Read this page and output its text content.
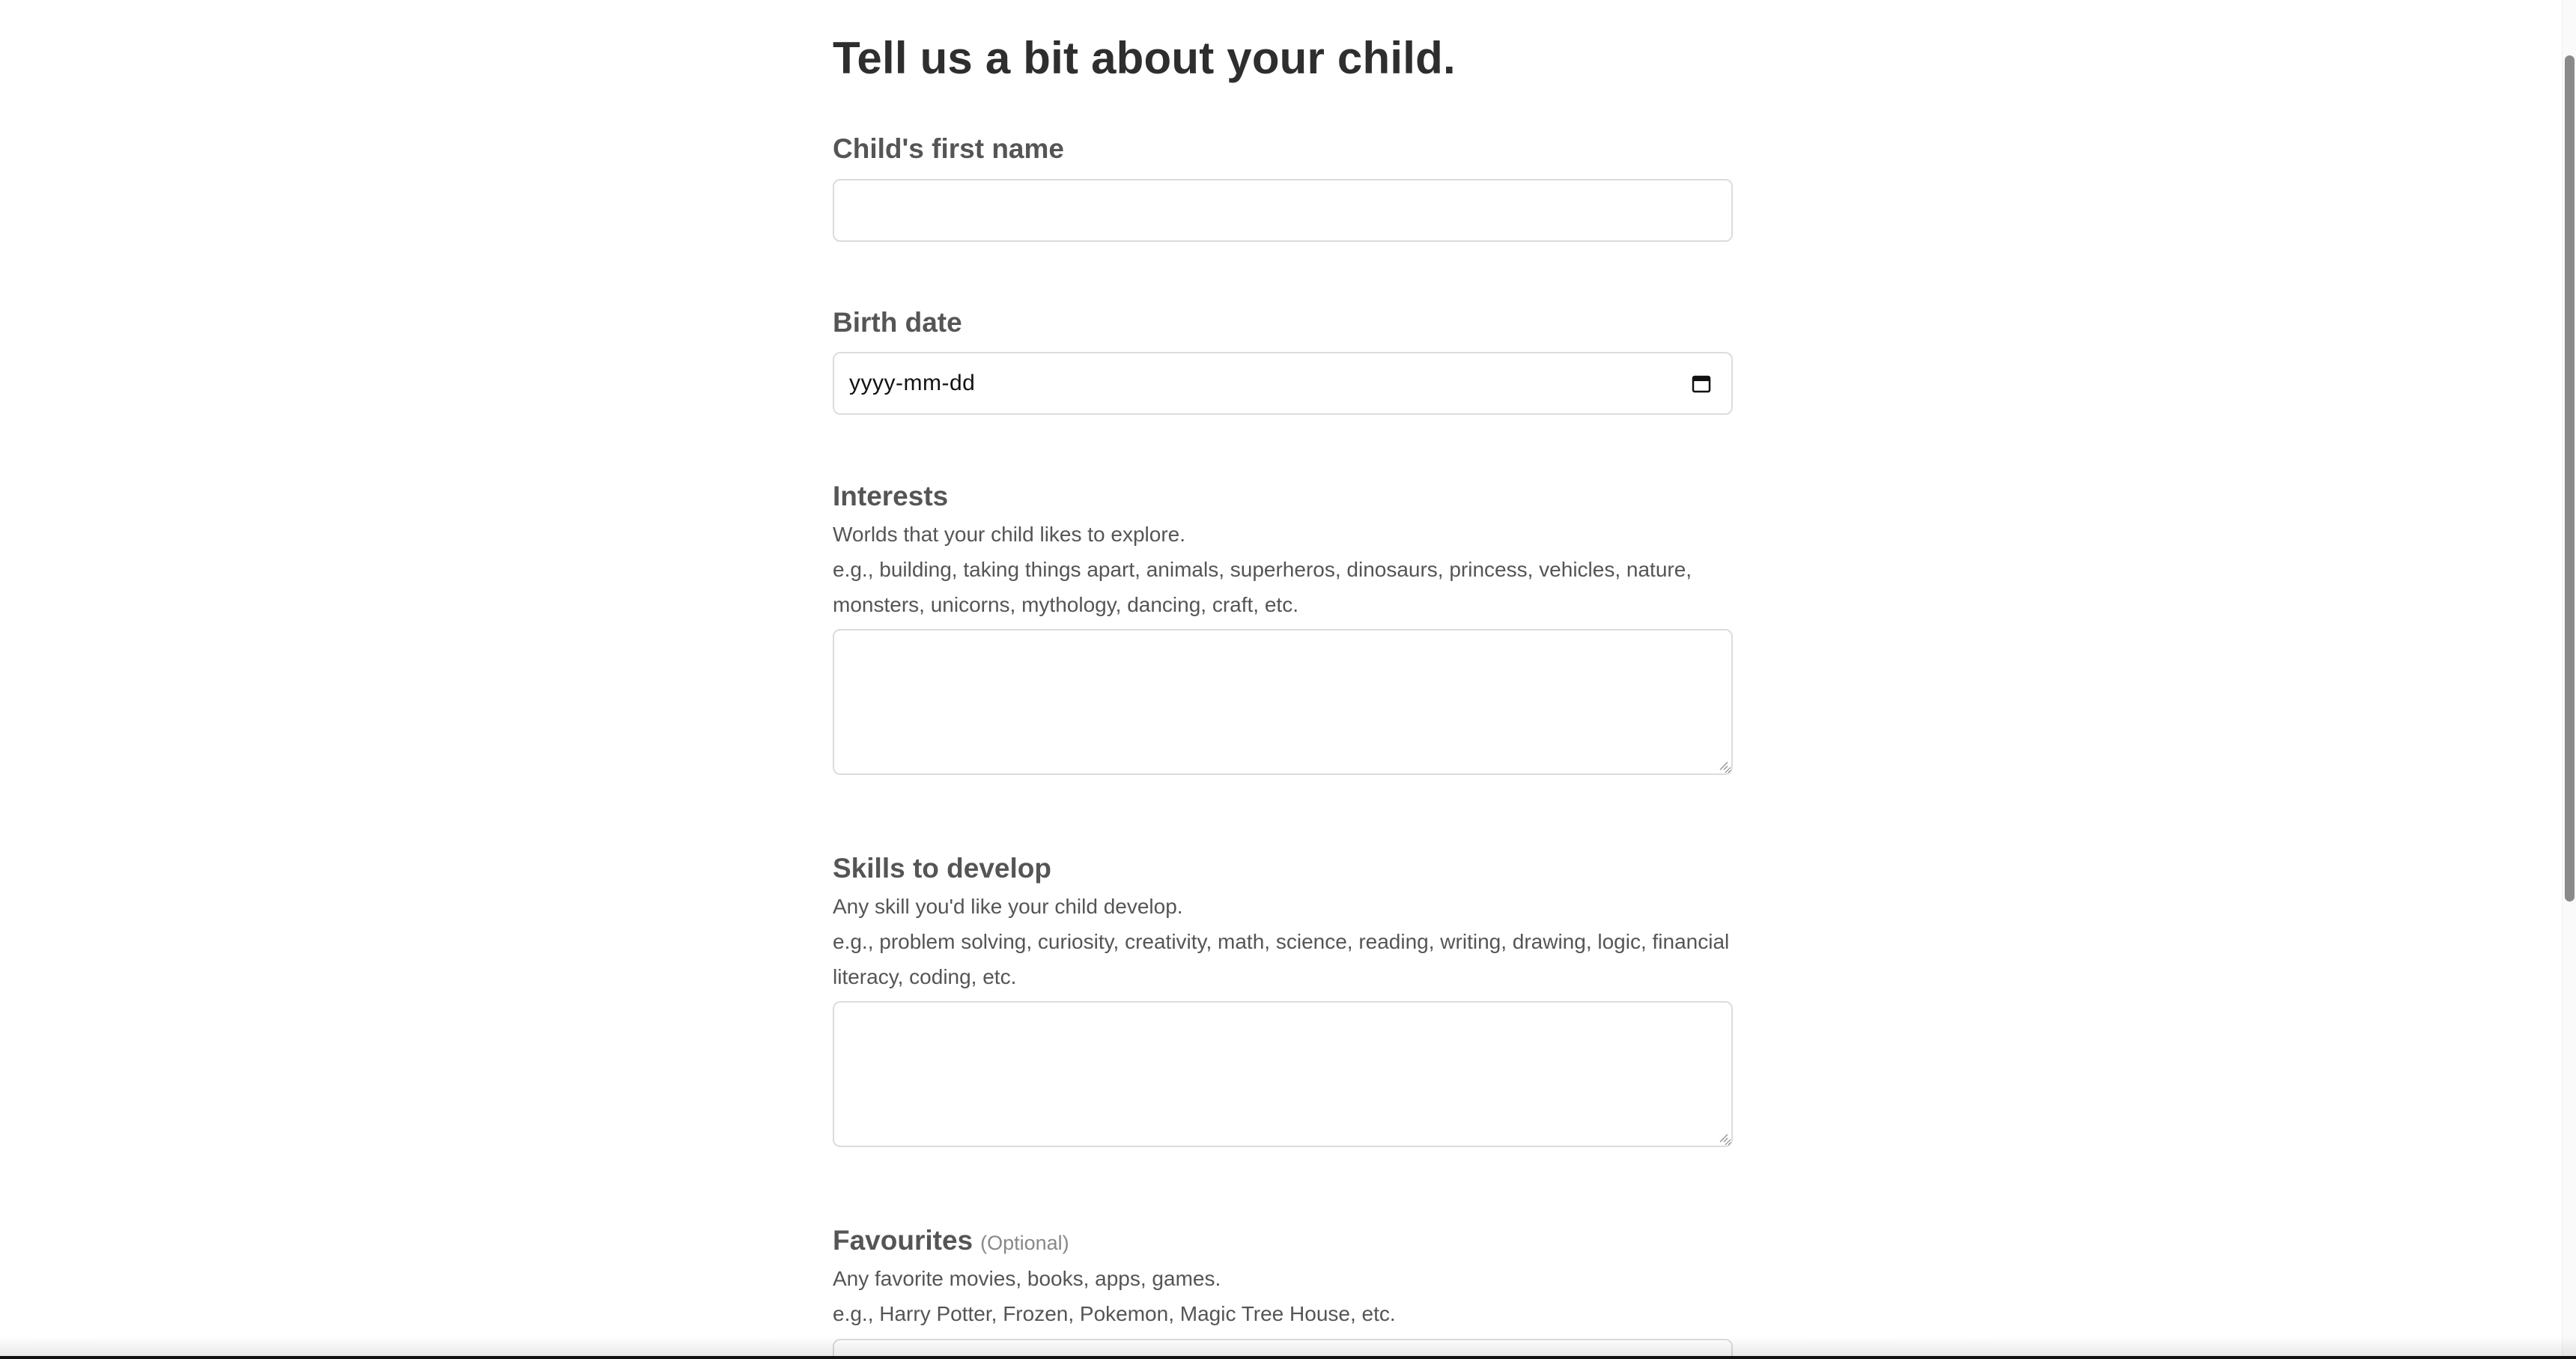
Tell us a bit about your child.
Child's first name
Birth date
yyyy-mm-dd
Interests
Worlds that your child likes to explore.
e.g., building, taking things apart, animals, superheros, dinosaurs, princess, vehicles, nature, monsters, unicorns, mythology, dancing, craft, etc.
Skills to develop
Any skill you'd like your child develop.
e.g., problem solving, curiosity, creativity, math, science, reading, writing, drawing, logic, financial literacy, coding, etc.
Favourites (Optional)
Any favorite movies, books, apps, games.
e.g., Harry Potter, Frozen, Pokemon, Magic Tree House, etc.
